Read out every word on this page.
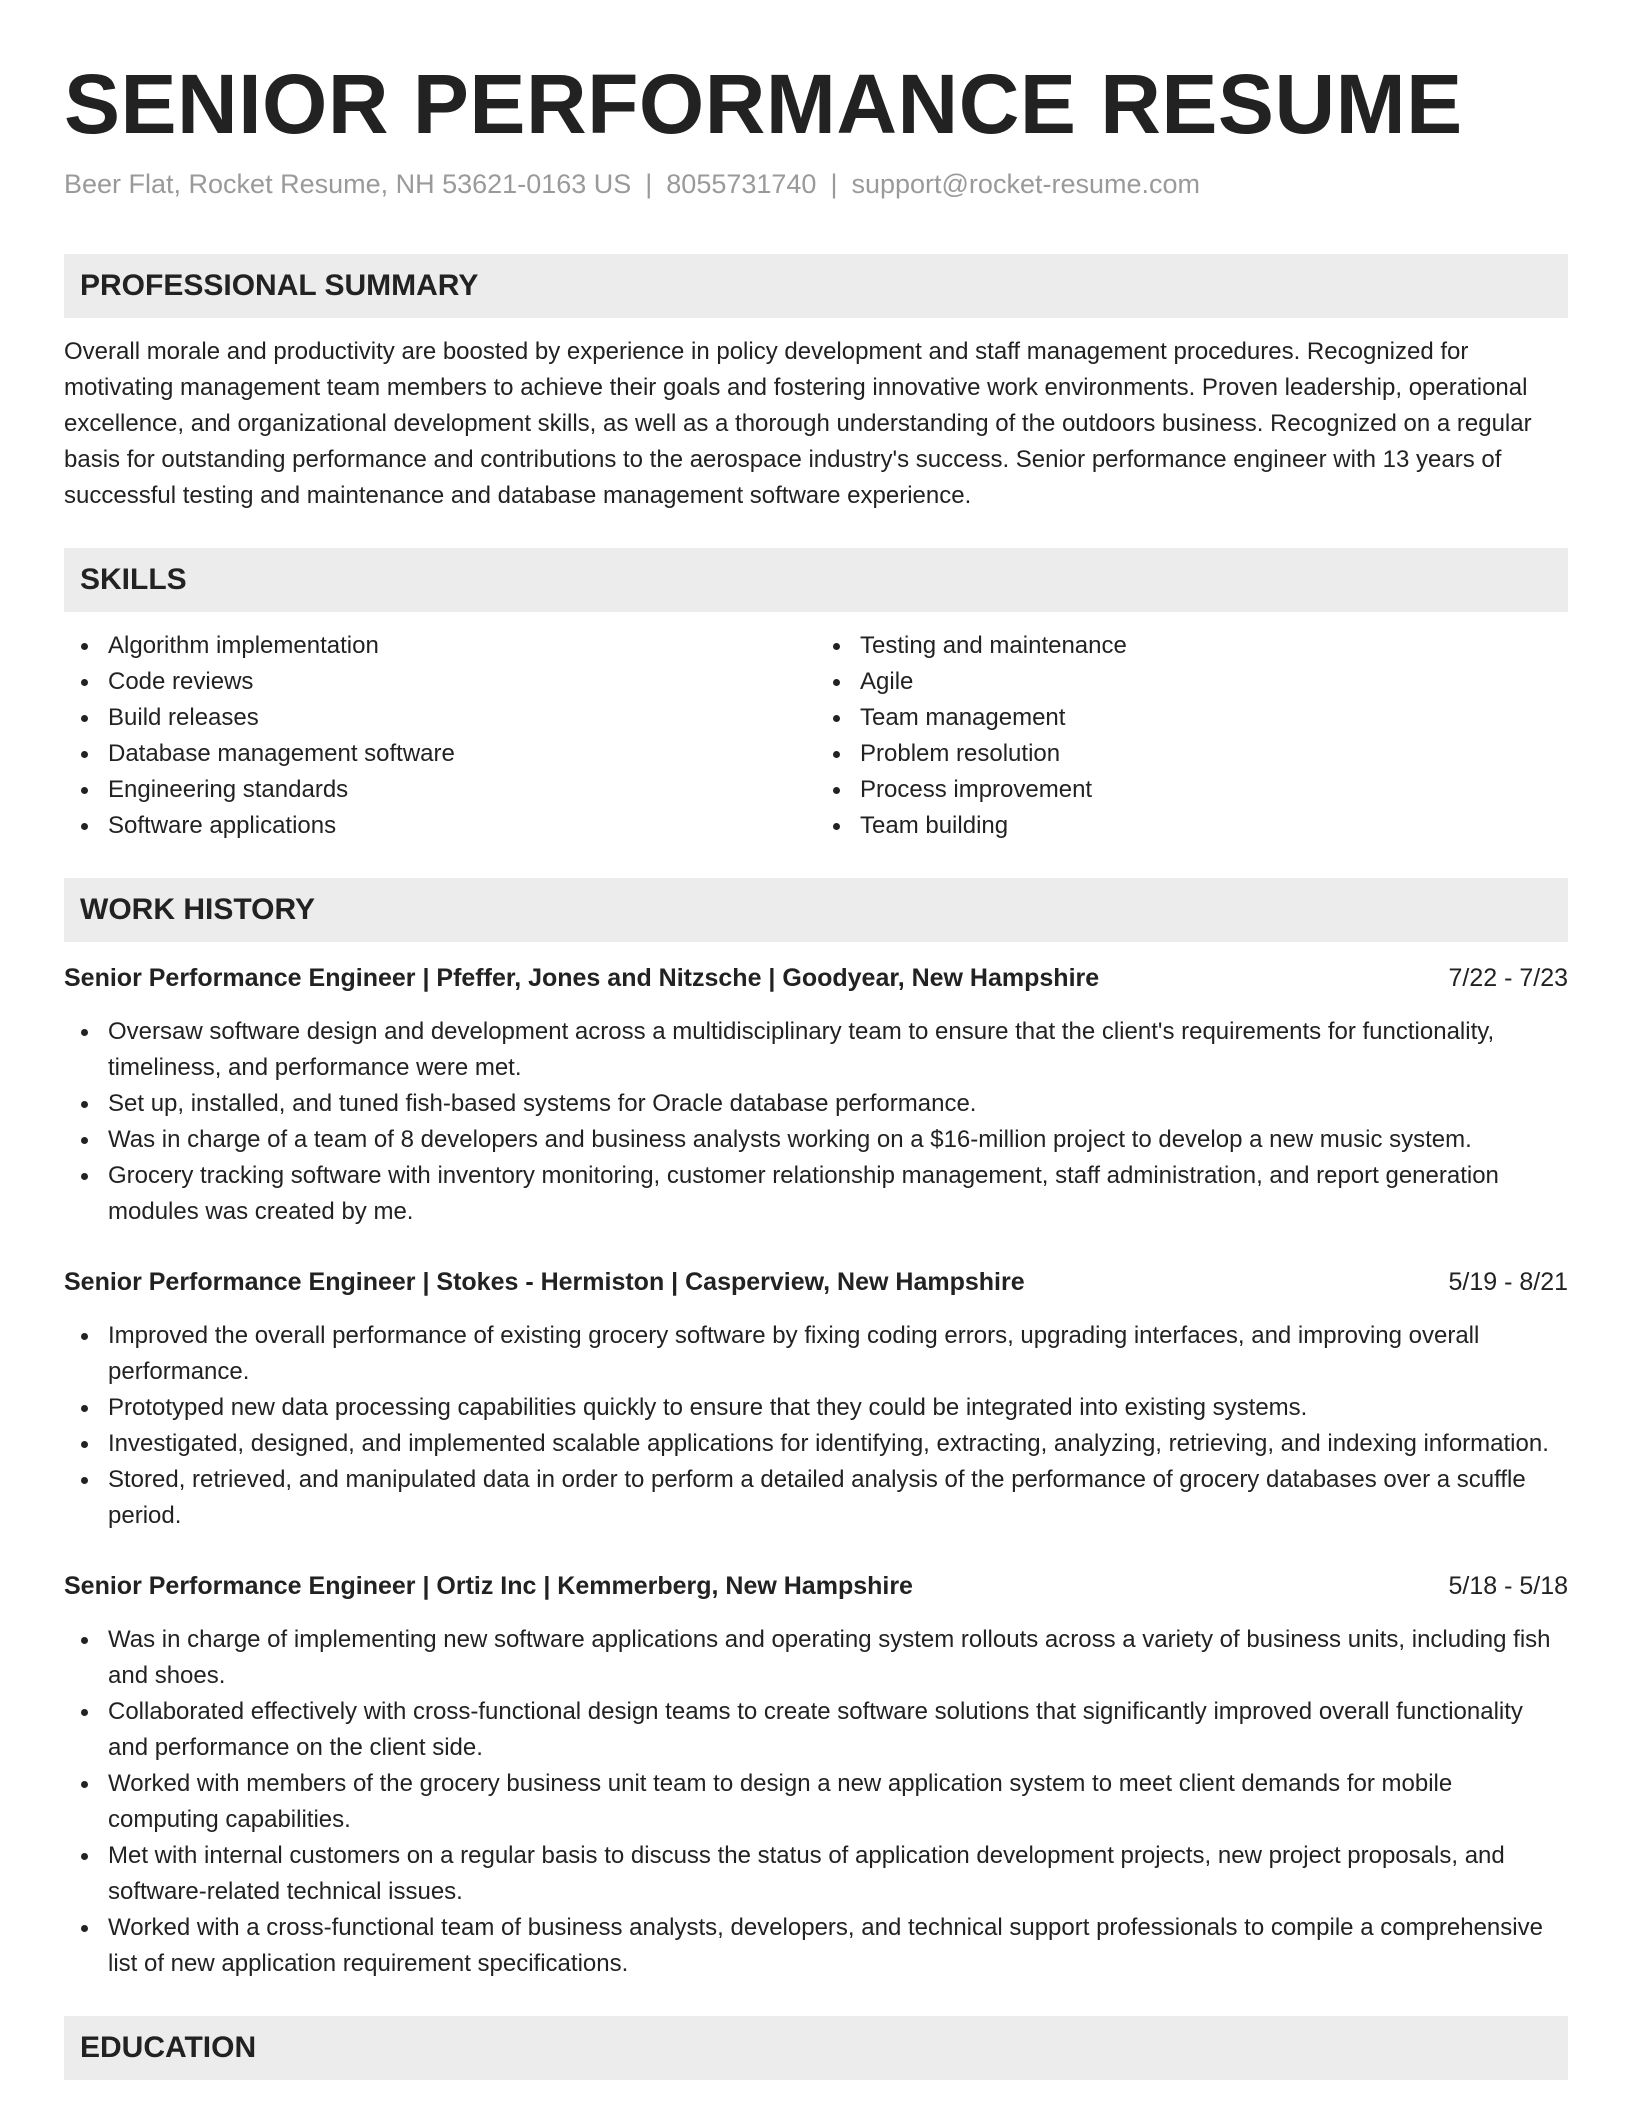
SENIOR PERFORMANCE RESUME
Beer Flat, Rocket Resume, NH 53621-0163 US | 8055731740 | support@rocket-resume.com
PROFESSIONAL SUMMARY

Overall morale and productivity are boosted by experience in policy development and staff management procedures. Recognized for motivating management team members to achieve their goals and fostering innovative work environments. Proven leadership, operational excellence, and organizational development skills, as well as a thorough understanding of the outdoors business. Recognized on a regular basis for outstanding performance and contributions to the aerospace industry's success. Senior performance engineer with 13 years of successful testing and maintenance and database management software experience.

SKILLS
Algorithm implementation
Code reviews
Build releases
Database management software
Engineering standards
Software applications
Testing and maintenance
Agile
Team management
Problem resolution
Process improvement
Team building
WORK HISTORY
Senior Performance Engineer | Pfeffer, Jones and Nitzsche | Goodyear, New Hampshire	7/22 - 7/23
Oversaw software design and development across a multidisciplinary team to ensure that the client's requirements for functionality, timeliness, and performance were met.
Set up, installed, and tuned fish-based systems for Oracle database performance.
Was in charge of a team of 8 developers and business analysts working on a $16-million project to develop a new music system.
Grocery tracking software with inventory monitoring, customer relationship management, staff administration, and report generation modules was created by me.
Senior Performance Engineer | Stokes - Hermiston | Casperview, New Hampshire	5/19 - 8/21
Improved the overall performance of existing grocery software by fixing coding errors, upgrading interfaces, and improving overall performance.
Prototyped new data processing capabilities quickly to ensure that they could be integrated into existing systems.
Investigated, designed, and implemented scalable applications for identifying, extracting, analyzing, retrieving, and indexing information.
Stored, retrieved, and manipulated data in order to perform a detailed analysis of the performance of grocery databases over a scuffle period.
Senior Performance Engineer | Ortiz Inc | Kemmerberg, New Hampshire	5/18 - 5/18
Was in charge of implementing new software applications and operating system rollouts across a variety of business units, including fish and shoes.
Collaborated effectively with cross-functional design teams to create software solutions that significantly improved overall functionality and performance on the client side.
Worked with members of the grocery business unit team to design a new application system to meet client demands for mobile computing capabilities.
Met with internal customers on a regular basis to discuss the status of application development projects, new project proposals, and software-related technical issues.
Worked with a cross-functional team of business analysts, developers, and technical support professionals to compile a comprehensive list of new application requirement specifications.
EDUCATION
